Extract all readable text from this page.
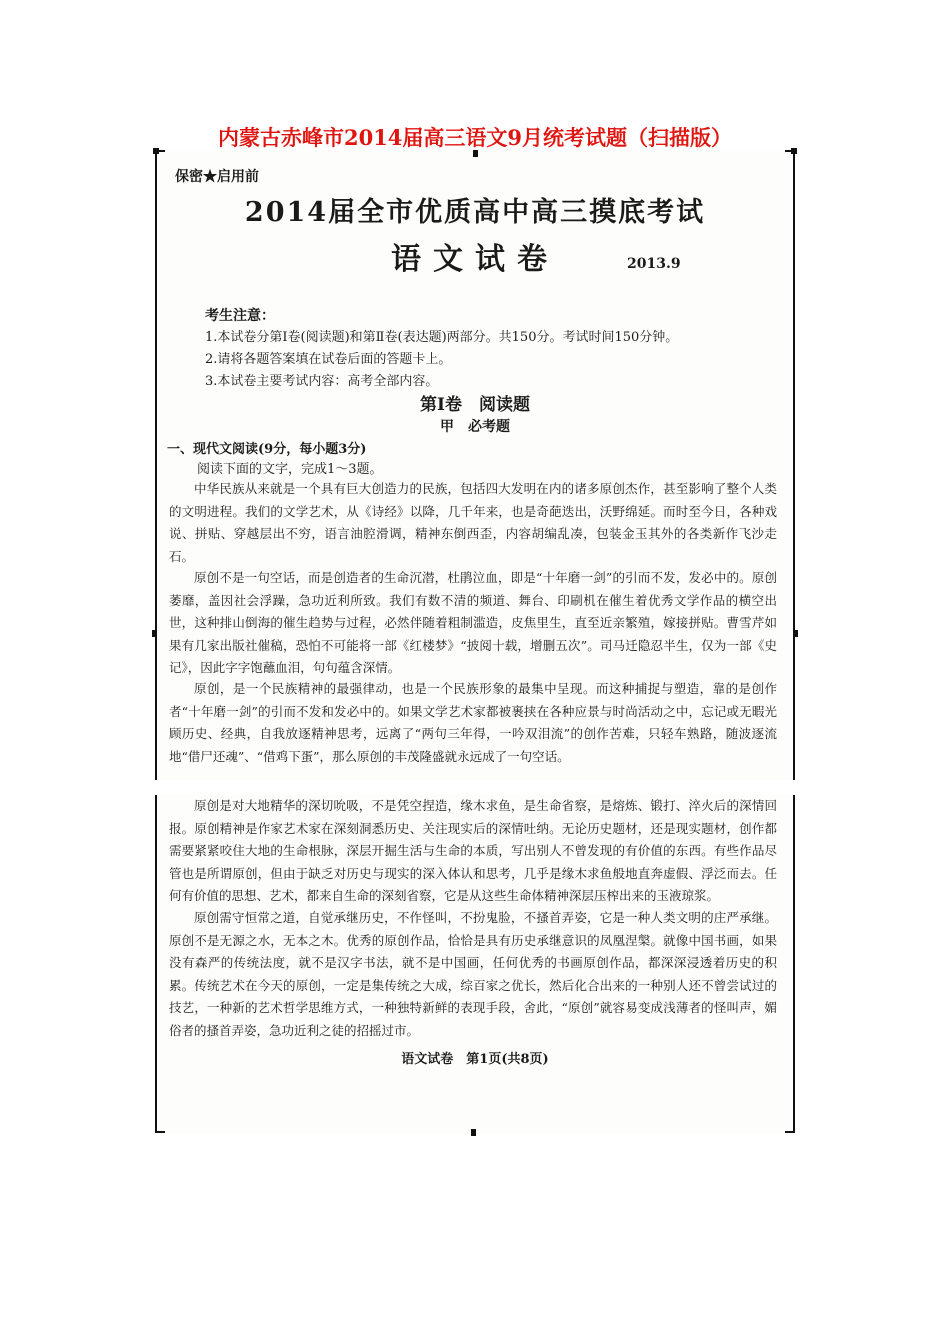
内蒙古赤峰市2014届高三语文9月统考试题（扫描版）
保密★启用前
2014届全市优质高中高三摸底考试
语文试卷	2013.9
考生注意：
1.本试卷分第Ⅰ卷(阅读题)和第Ⅱ卷(表达题)两部分。共150分。考试时间150分钟。
2.请将各题答案填在试卷后面的答题卡上。
3.本试卷主要考试内容：高考全部内容。
第Ⅰ卷　阅读题
甲　必考题
一、现代文阅读(9分，每小题3分)
阅读下面的文字，完成1～3题。

中华民族从来就是一个具有巨大创造力的民族，包括四大发明在内的诸多原创杰作，甚至影响了整个人类的文明进程。我们的文学艺术，从《诗经》以降，几千年来，也是奇葩迭出，沃野绵延。而时至今日，各种戏说、拼贴、穿越层出不穷，语言油腔滑调，精神东倒西歪，内容胡编乱凑，包装金玉其外的各类新作飞沙走石。

原创不是一句空话，而是创造者的生命沉潜，杜鹃泣血，即是“十年磨一剑”的引而不发，发必中的。原创萎靡，盖因社会浮躁，急功近利所致。我们有数不清的频道、舞台、印刷机在催生着优秀文学作品的横空出世，这种排山倒海的催生趋势与过程，必然伴随着粗制滥造，皮焦里生，直至近亲繁殖，嫁接拼贴。曹雪芹如果有几家出版社催稿，恐怕不可能将一部《红楼梦》“披阅十载，增删五次”。司马迁隐忍半生，仅为一部《史记》，因此字字饱蘸血泪，句句蕴含深情。

原创，是一个民族精神的最强律动，也是一个民族形象的最集中呈现。而这种捕捉与塑造，靠的是创作者“十年磨一剑”的引而不发和发必中的。如果文学艺术家都被裹挟在各种应景与时尚活动之中，忘记或无暇光顾历史、经典，自我放逐精神思考，远离了“两句三年得，一吟双泪流”的创作苦难，只轻车熟路，随波逐流地“借尸还魂”、“借鸡下蛋”，那么原创的丰茂隆盛就永远成了一句空话。

原创是对大地精华的深切吮吸，不是凭空捏造，缘木求鱼，是生命省察，是熔炼、锻打、淬火后的深情回报。原创精神是作家艺术家在深刻洞悉历史、关注现实后的深情吐纳。无论历史题材，还是现实题材，创作都需要紧紧咬住大地的生命根脉，深层开掘生活与生命的本质，写出别人不曾发现的有价值的东西。有些作品尽管也是所谓原创，但由于缺乏对历史与现实的深入体认和思考，几乎是缘木求鱼般地直奔虚假、浮泛而去。任何有价值的思想、艺术，都来自生命的深刻省察，它是从这些生命体精神深层压榨出来的玉液琼浆。

原创需守恒常之道，自觉承继历史，不作怪叫，不扮鬼脸，不搔首弄姿，它是一种人类文明的庄严承继。原创不是无源之水，无本之木。优秀的原创作品，恰恰是具有历史承继意识的凤凰涅槃。就像中国书画，如果没有森严的传统法度，就不是汉字书法，就不是中国画，任何优秀的书画原创作品，都深深浸透着历史的积累。传统艺术在今天的原创，一定是集传统之大成，综百家之优长，然后化合出来的一种别人还不曾尝试过的技艺，一种新的艺术哲学思维方式，一种独特新鲜的表现手段，舍此，“原创”就容易变成浅薄者的怪叫声，媚俗者的搔首弄姿，急功近利之徒的招摇过市。

语文试卷　第1页(共8页)
